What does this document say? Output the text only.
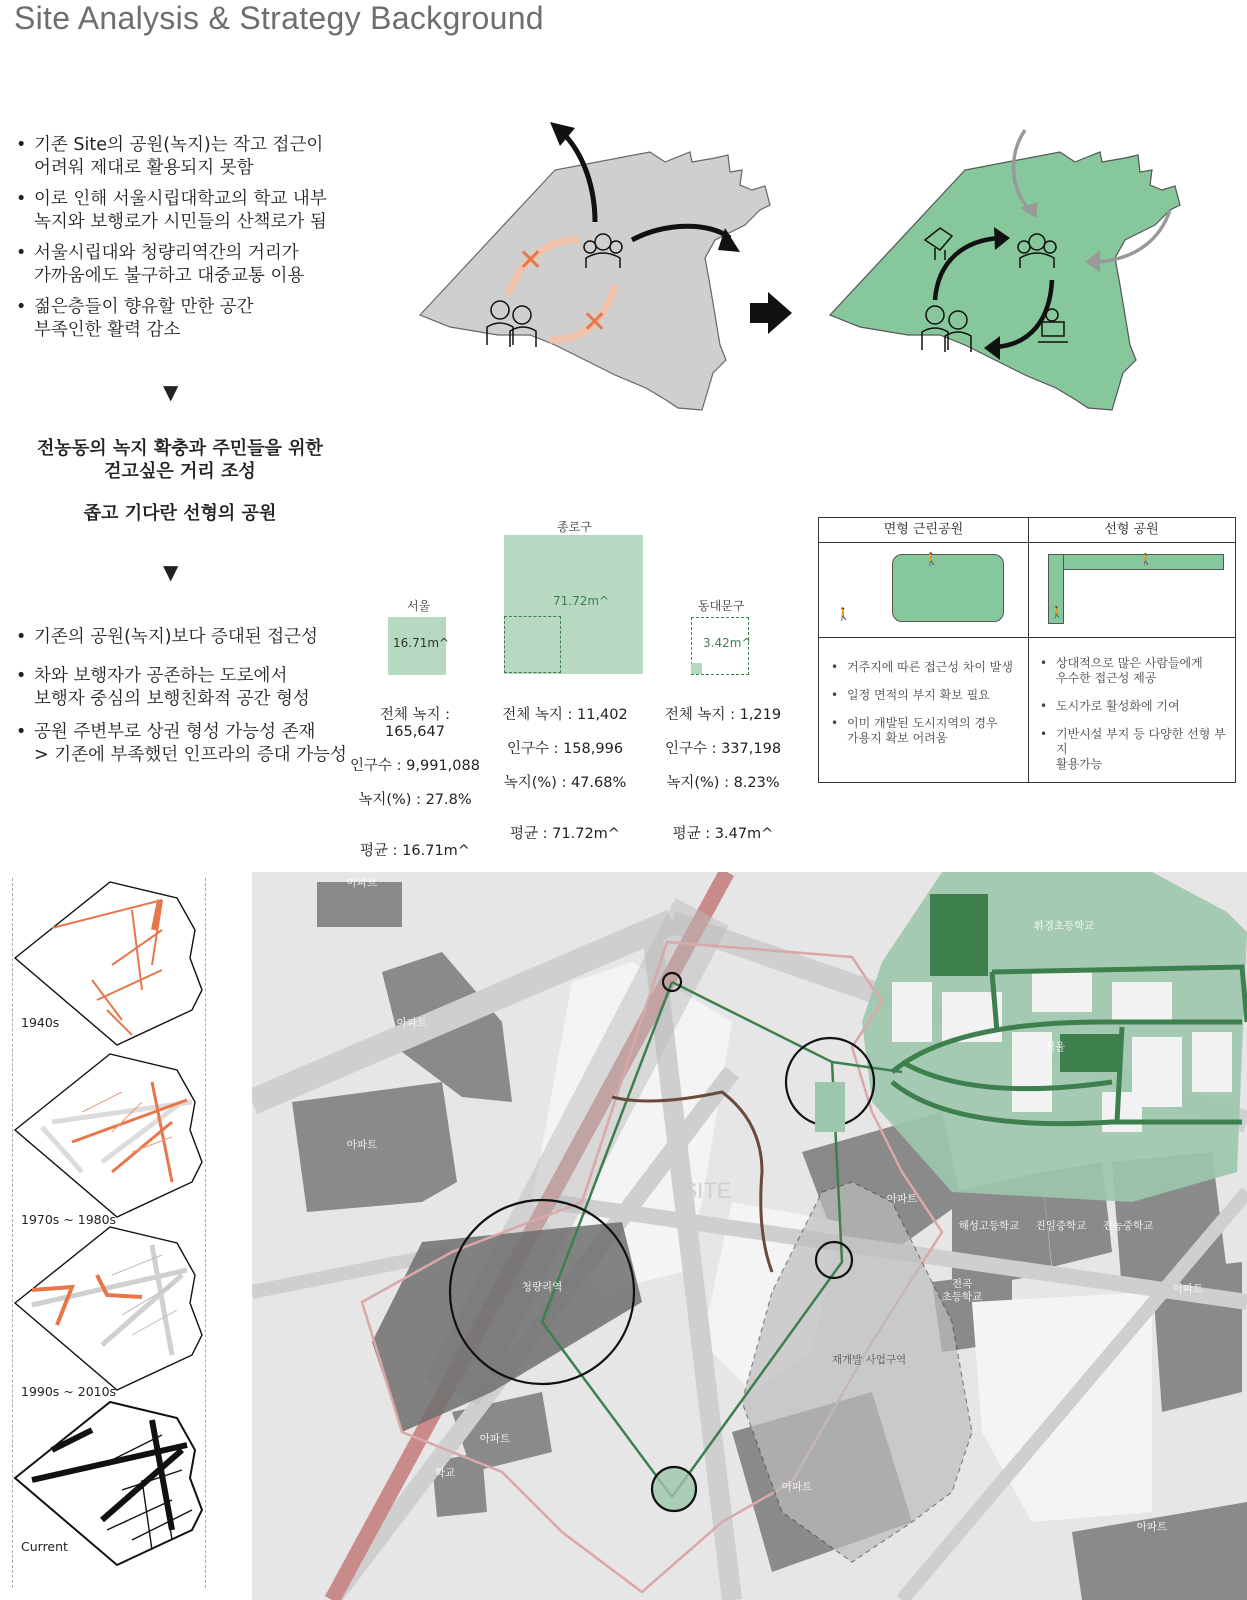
Site Analysis & Strategy Background
• 기존 Site의 공원(녹지)는 작고 접근이
어려워 제대로 활용되지 못함
• 이로 인해 서울시립대학교의 학교 내부
녹지와 보행로가 시민들의 산책로가 됨
• 서울시립대와 청량리역간의 거리가
가까움에도 불구하고 대중교통 이용
• 젊은층들이 향유할 만한 공간
부족인한 활력 감소
▼
전농동의 녹지 확충과 주민들을 위한
걷고싶은 거리 조성
좁고 기다란 선형의 공원
▼
• 기존의 공원(녹지)보다 증대된 접근성
• 차와 보행자가 공존하는 도로에서
보행자 중심의 보행친화적 공간 형성
• 공원 주변부로 상권 형성 가능성 존재
> 기존에 부족했던 인프라의 증대 가능성
✕
✕
서울
종로구
동대문구
16.71m^
71.72m^
3.42m^

전체 녹지 : 165,647

인구수 : 9,991,088

녹지(%) : 27.8%

평균 : 16.71m^

전체 녹지 : 11,402

인구수 : 158,996

녹지(%) : 47.68%

평균 : 71.72m^

전체 녹지 : 1,219

인구수 : 337,198

녹지(%) : 8.23%

평균 : 3.47m^

면형 근린공원
🚶
🚶
• 거주지에 따른 접근성 차이 발생
• 일정 면적의 부지 확보 필요
• 이미 개발된 도시지역의 경우
가용지 확보 어려움
선형 공원
🚶
🚶
• 상대적으로 많은 사람들에게
우수한 접근성 제공
• 도시가로 활성화에 기여
• 기반시설 부지 등 다양한 선형 부지
활용가능
1940s
1970s ~ 1980s
1990s ~ 2010s
Current
아파트
아파트
아파트
휘경초등학교
서울
청량리역
아파트
해성고등학교 진일중학교 전농중학교
전곡 초등학교
아파트
아파트
학교
아파트
아파트
재개발 사업구역
SITE
